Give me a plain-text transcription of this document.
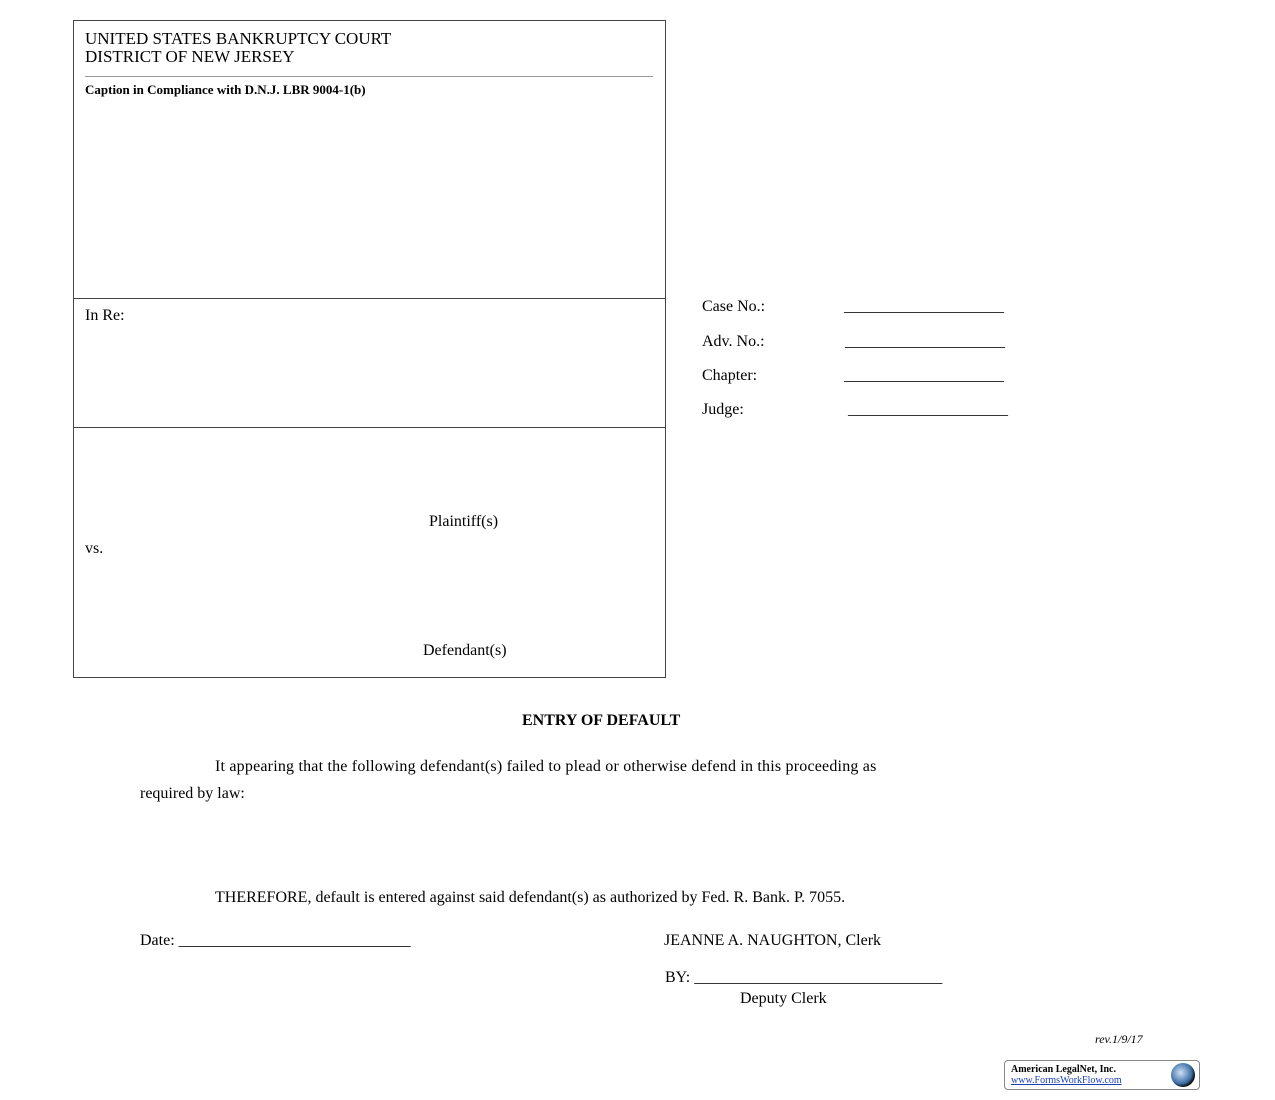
UNITED STATES BANKRUPTCY COURT
DISTRICT OF NEW JERSEY
Caption in Compliance with D.N.J. LBR 9004-1(b)
In Re:
Plaintiff(s)
vs.
Defendant(s)
Case No.:	____________________
Adv. No.:	____________________
Chapter:	____________________
Judge:	____________________
ENTRY OF DEFAULT
It appearing that the following defendant(s) failed to plead or otherwise defend in this proceeding as
required by law:
THEREFORE, default is entered against said defendant(s) as authorized by Fed. R. Bank. P. 7055.
Date: _____________________________	JEANNE A. NAUGHTON, Clerk
BY: _______________________________
Deputy Clerk
rev.1/9/17
American LegalNet, Inc.
www.FormsWorkFlow.com
